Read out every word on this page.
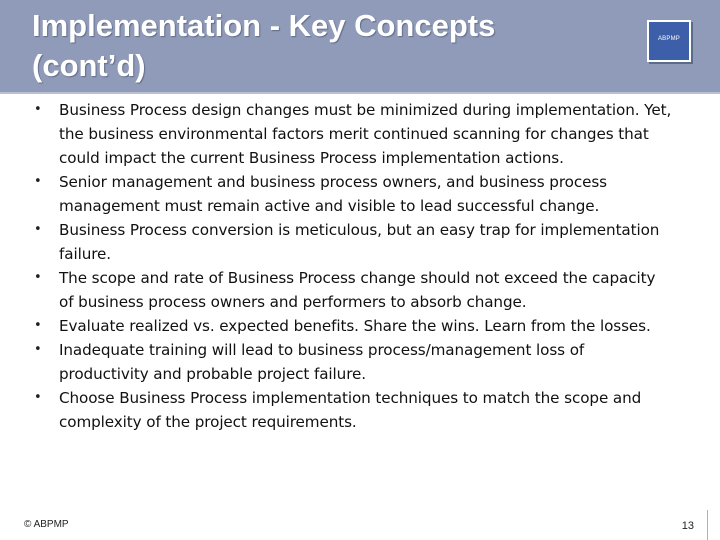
Implementation - Key Concepts (cont’d)
ABPMP
• Business Process design changes must be minimized during implementation. Yet, the business environmental factors merit continued scanning for changes that could impact the current Business Process implementation actions.
• Senior management and business process owners, and business process management must remain active and visible to lead successful change.
• Business Process conversion is meticulous, but an easy trap for implementation failure.
• The scope and rate of Business Process change should not exceed the capacity of business process owners and performers to absorb change.
• Evaluate realized vs. expected benefits. Share the wins. Learn from the losses.
• Inadequate training will lead to business process/management loss of productivity and probable project failure.
• Choose Business Process implementation techniques to match the scope and complexity of the project requirements.
© ABPMP	13
